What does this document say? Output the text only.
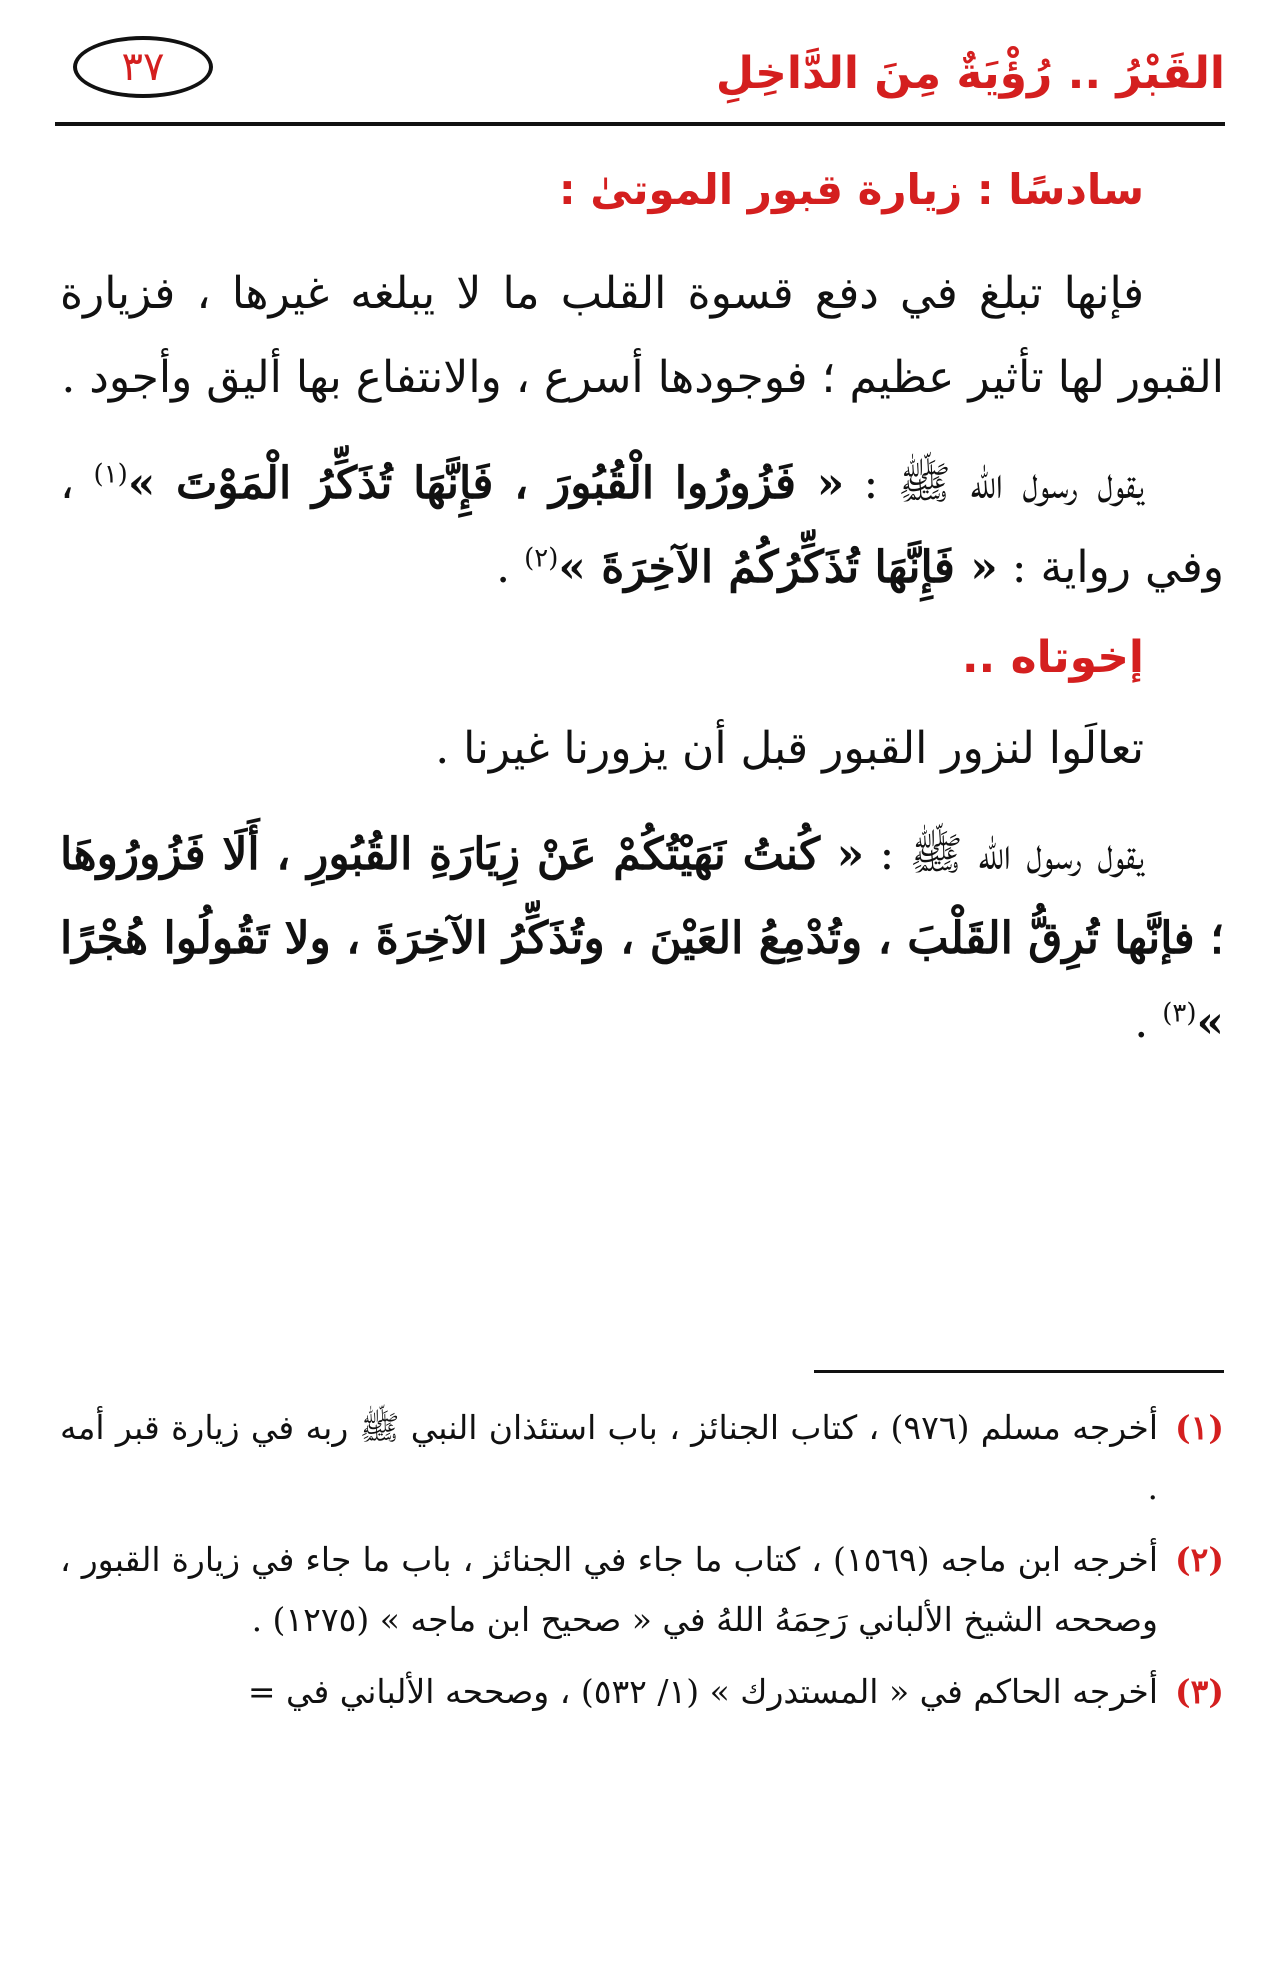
القَبْرُ .. رُؤْيَةٌ مِنَ الدَّاخِلِ
٣٧
سادسًا : زيارة قبور الموتىٰ :

فإنها تبلغ في دفع قسوة القلب ما لا يبلغه غيرها ، فزيارة القبور لها تأثير عظيم ؛ فوجودها أسرع ، والانتفاع بها أليق وأجود .

يقول رسول الله ﷺ : « فَزُورُوا الْقُبُورَ ، فَإِنَّهَا تُذَكِّرُ الْمَوْتَ »$^{(١)}$ ، وفي رواية : « فَإِنَّهَا تُذَكِّرُكُمُ الآخِرَةَ »$^{(٢)}$ .

إخوتاه ..

تعالَوا لنزور القبور قبل أن يزورنا غيرنا .

يقول رسول الله ﷺ : « كُنتُ نَهَيْتُكُمْ عَنْ زِيَارَةِ القُبُورِ ، أَلَا فَزُورُوهَا ؛ فإنَّها تُرِقُّ القَلْبَ ، وتُدْمِعُ العَيْنَ ، وتُذَكِّرُ الآخِرَةَ ، ولا تَقُولُوا هُجْرًا »$^{(٣)}$ .

(١)
أخرجه مسلم (٩٧٦) ، كتاب الجنائز ، باب استئذان النبي ﷺ ربه في زيارة قبر أمه .

(٢)
أخرجه ابن ماجه (١٥٦٩) ، كتاب ما جاء في الجنائز ، باب ما جاء في زيارة القبور ، وصححه الشيخ الألباني رَحِمَهُ اللهُ في « صحيح ابن ماجه » (١٢٧٥) .

(٣)
أخرجه الحاكم في « المستدرك » (١/ ٥٣٢) ، وصححه الألباني في =
